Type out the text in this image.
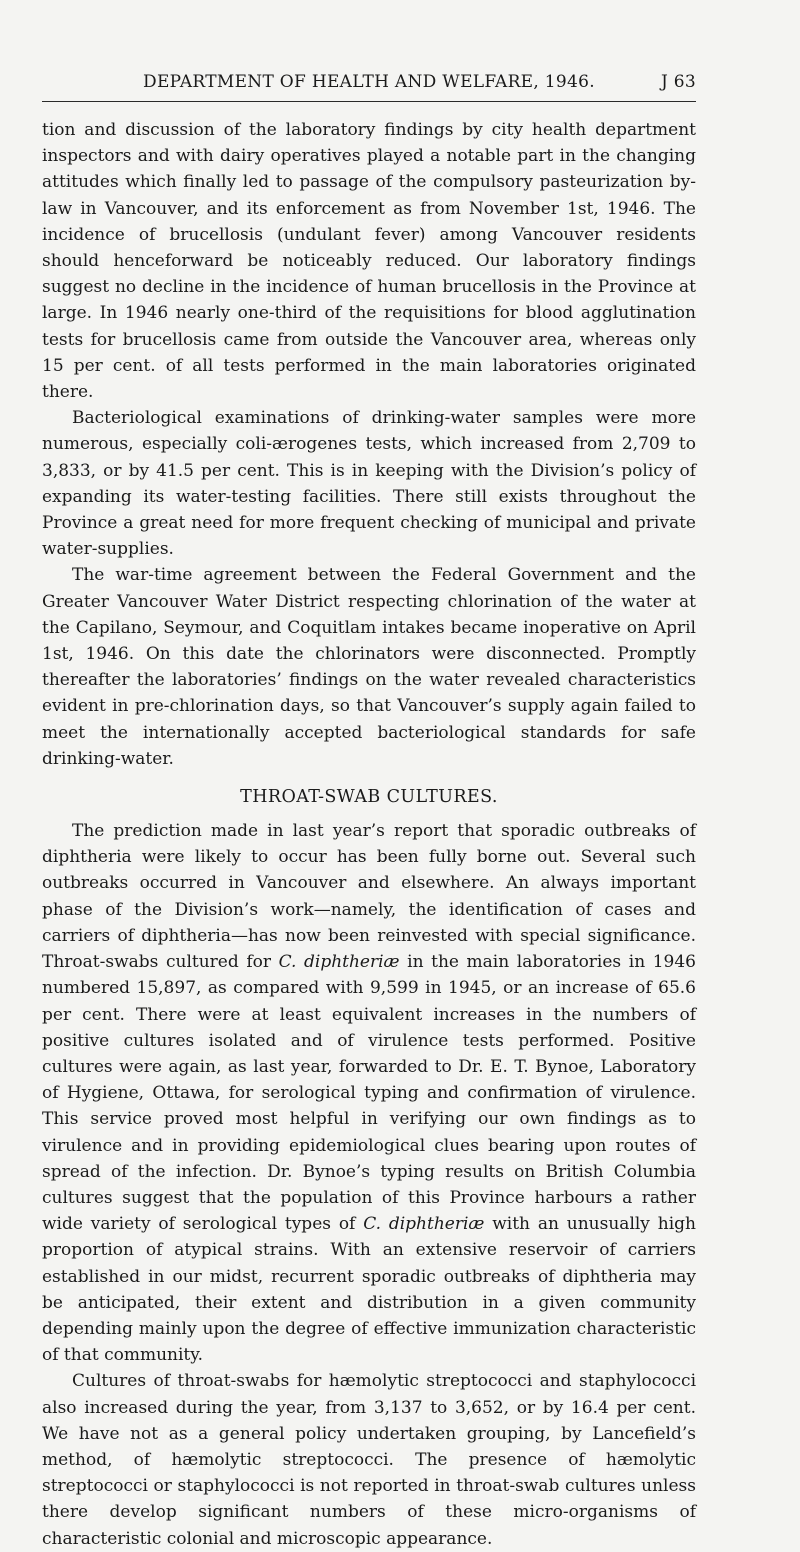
DEPARTMENT OF HEALTH AND WELFARE, 1946.	J 63

tion and discussion of the laboratory findings by city health department inspectors and with dairy operatives played a notable part in the changing attitudes which finally led to passage of the compulsory pasteurization by-law in Vancouver, and its enforcement as from November 1st, 1946. The incidence of brucellosis (undulant fever) among Vancouver residents should henceforward be noticeably reduced. Our laboratory findings suggest no decline in the incidence of human brucellosis in the Province at large. In 1946 nearly one-third of the requisitions for blood agglutination tests for brucellosis came from outside the Vancouver area, whereas only 15 per cent. of all tests performed in the main laboratories originated there.

Bacteriological examinations of drinking-water samples were more numerous, especially coli-ærogenes tests, which increased from 2,709 to 3,833, or by 41.5 per cent. This is in keeping with the Division’s policy of expanding its water-testing facilities. There still exists throughout the Province a great need for more frequent checking of municipal and private water-supplies.

The war-time agreement between the Federal Government and the Greater Vancouver Water District respecting chlorination of the water at the Capilano, Seymour, and Coquitlam intakes became inoperative on April 1st, 1946. On this date the chlorinators were disconnected. Promptly thereafter the laboratories’ findings on the water revealed characteristics evident in pre-chlorination days, so that Vancouver’s supply again failed to meet the internationally accepted bacteriological standards for safe drinking-water.

THROAT-SWAB CULTURES.

The prediction made in last year’s report that sporadic outbreaks of diphtheria were likely to occur has been fully borne out. Several such outbreaks occurred in Vancouver and elsewhere. An always important phase of the Division’s work—namely, the identification of cases and carriers of diphtheria—has now been reinvested with special significance. Throat-swabs cultured for C. diphtheriæ in the main laboratories in 1946 numbered 15,897, as compared with 9,599 in 1945, or an increase of 65.6 per cent. There were at least equivalent increases in the numbers of positive cultures isolated and of virulence tests performed. Positive cultures were again, as last year, forwarded to Dr. E. T. Bynoe, Laboratory of Hygiene, Ottawa, for serological typing and confirmation of virulence. This service proved most helpful in verifying our own findings as to virulence and in providing epidemiological clues bearing upon routes of spread of the infection. Dr. Bynoe’s typing results on British Columbia cultures suggest that the population of this Province harbours a rather wide variety of serological types of C. diphtheriæ with an unusually high proportion of atypical strains. With an extensive reservoir of carriers established in our midst, recurrent sporadic outbreaks of diphtheria may be anticipated, their extent and distribution in a given community depending mainly upon the degree of effective immunization characteristic of that community.

Cultures of throat-swabs for hæmolytic streptococci and staphylococci also increased during the year, from 3,137 to 3,652, or by 16.4 per cent. We have not as a general policy undertaken grouping, by Lancefield’s method, of hæmolytic streptococci. The presence of hæmolytic streptococci or staphylococci is not reported in throat-swab cultures unless there develop significant numbers of these micro-organisms of characteristic colonial and microscopic appearance.
